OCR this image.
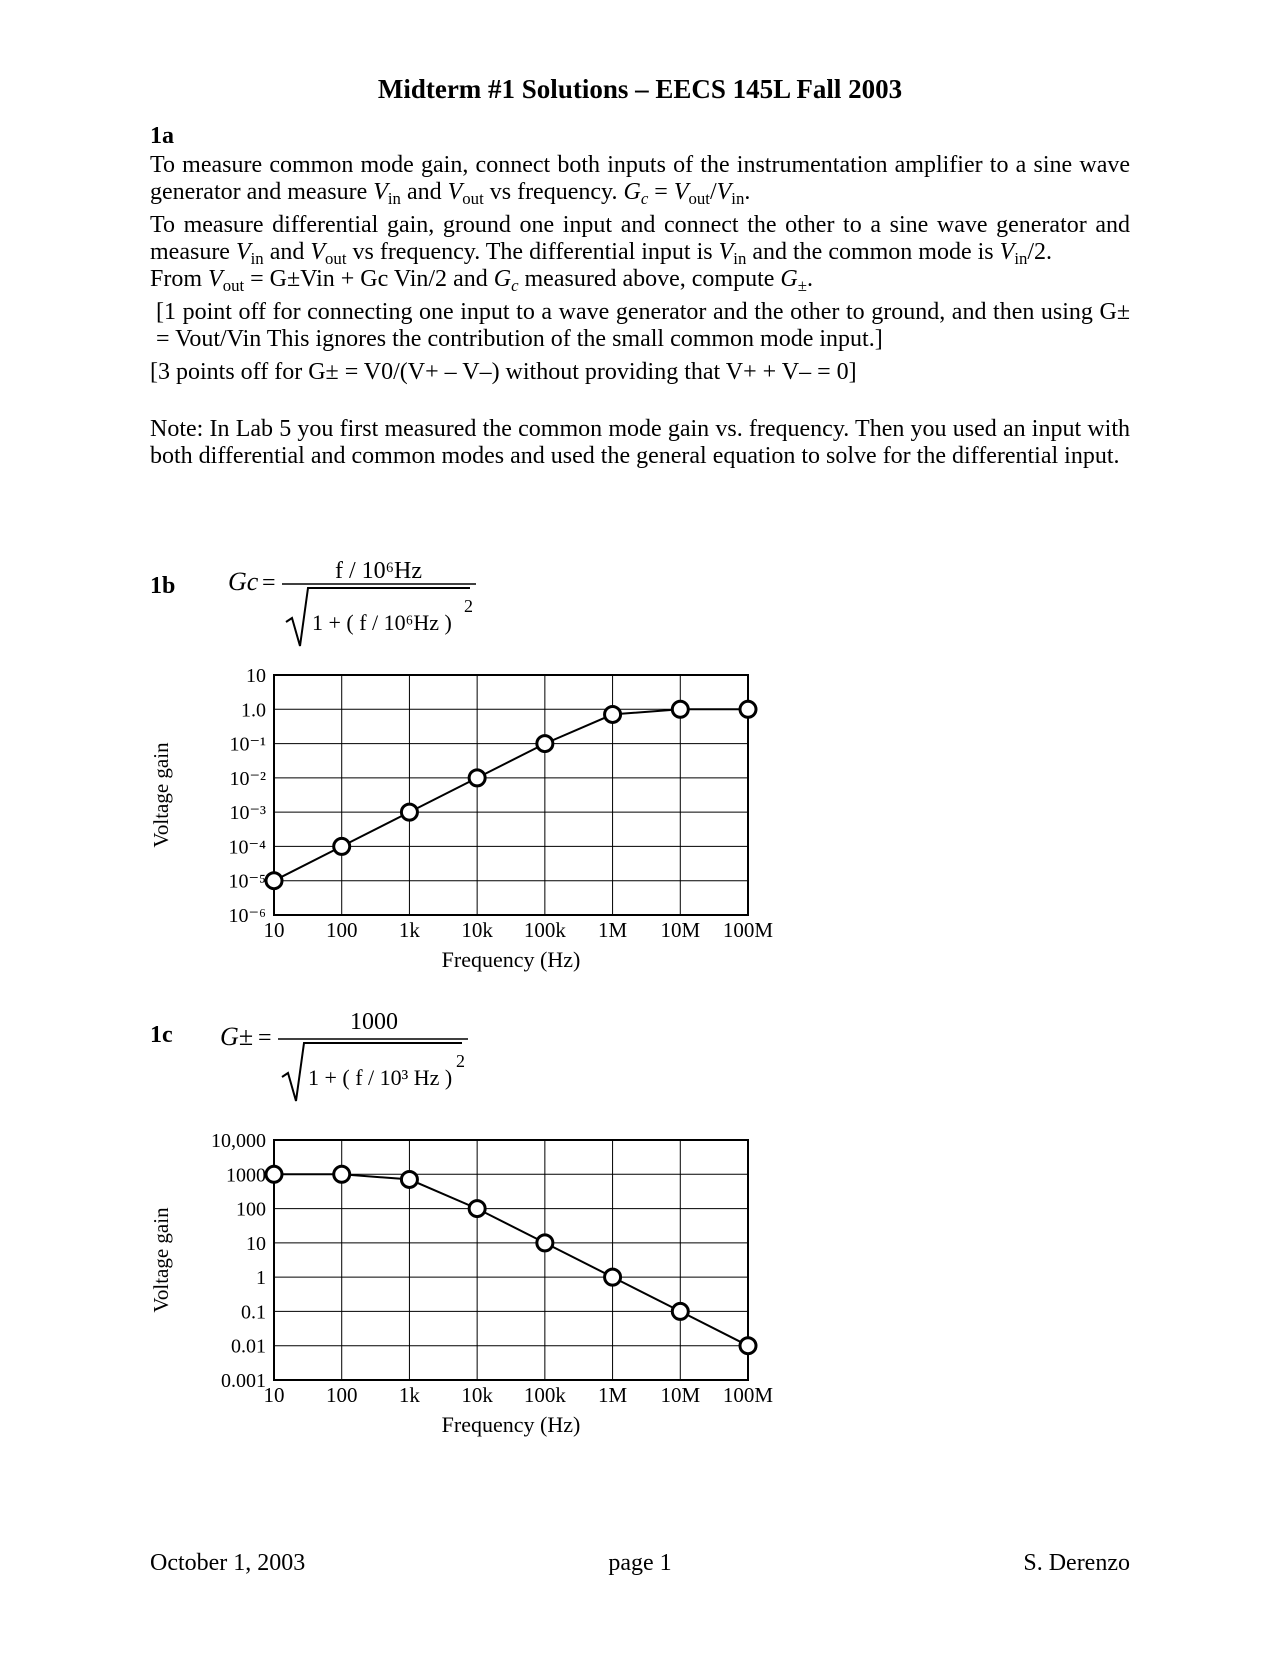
Midterm #1 Solutions – EECS 145L Fall 2003
1a

To measure common mode gain, connect both inputs of the instrumentation amplifier to a sine wave generator and measure $V_{in}$ and $V_{out}$ vs frequency. $G_c = V_{out}/V_{in}$.

To measure differential gain, ground one input and connect the other to a sine wave generator and measure $V_{in}$ and $V_{out}$ vs frequency. The differential input is $V_{in}$ and the common mode is $V_{in}/2$.
From $V_{out} = G\pm Vin + Gc$ Vin/2 and $G_c$ measured above, compute $G_\pm$.

[1 point off for connecting one input to a wave generator and the other to ground, and then using G± = Vout/Vin This ignores the contribution of the small common mode input.]

[3 points off for G± = V0/(V+ – V–) without providing that V+ + V– = 0]

Note: In Lab 5 you first measured the common mode gain vs. frequency. Then you used an input with both differential and common modes and used the general equation to solve for the differential input.

1b Gc = f / 10⁶Hz
1 + ( f / 10⁶Hz )
2
10
1.0
10⁻¹
10⁻²
10⁻³
10⁻⁴
10⁻⁵
10⁻⁶
10 100 1k 10k 100k 1M 10M 100M
Frequency (Hz)
Voltage gain
1c G± =
1000
1 + ( f / 10³ Hz )
2
10,000
1000
100
10
1
0.1
0.01
0.001
10 100 1k 10k 100k 1M 10M 100M
Frequency (Hz)
Voltage gain
October 1, 2003	page 1	S. Derenzo
